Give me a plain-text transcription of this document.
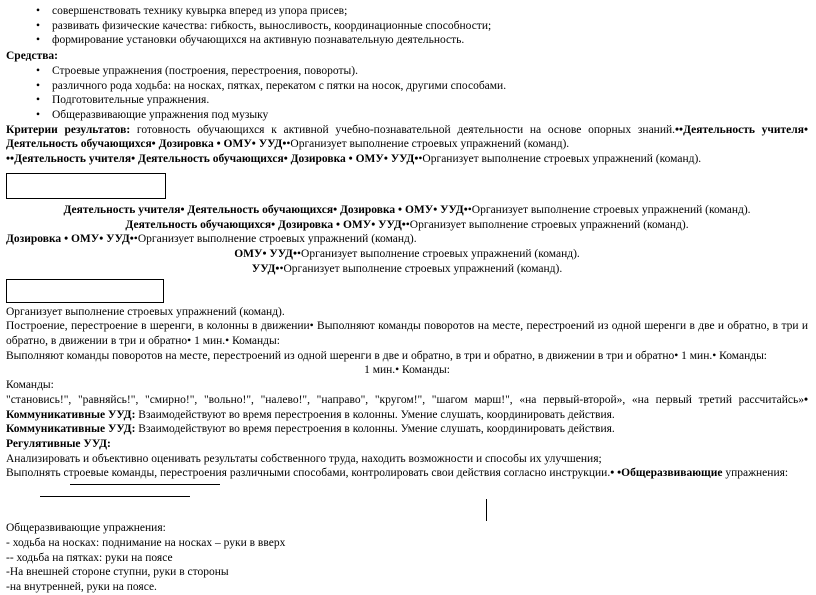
• совершенствовать технику кувырка вперед из упора присев;
• развивать физические качества: гибкость, выносливость, координационные способности;
• формирование установки обучающихся на активную познавательную деятельность.

Средства:

• Строевые упражнения (построения, перестроения, повороты).
• различного рода ходьба: на носках, пятках, перекатом с пятки на носок, другими способами.
• Подготовительные упражнения.
• Общеразвивающие упражнения под музыку

Критерии результатов: готовность обучающихся к активной учебно-познавательной деятельности на основе опорных знаний.••Деятельность учителя• Деятельность обучающихся• Дозировка • ОМУ• УУД••Организует выполнение строевых упражнений (команд).

••Деятельность учителя• Деятельность обучающихся• Дозировка • ОМУ• УУД••Организует выполнение строевых упражнений (команд).

Деятельность учителя• Деятельность обучающихся• Дозировка • ОМУ• УУД••Организует выполнение строевых упражнений (команд).

Деятельность обучающихся• Дозировка • ОМУ• УУД••Организует выполнение строевых упражнений (команд).

Дозировка • ОМУ• УУД••Организует выполнение строевых упражнений (команд).

ОМУ• УУД••Организует выполнение строевых упражнений (команд).

УУД••Организует выполнение строевых упражнений (команд).

Организует выполнение строевых упражнений (команд).

Построение, перестроение в шеренги, в колонны в движении• Выполняют команды поворотов на месте, перестроений из одной шеренги в две и обратно, в три и обратно, в движении в три и обратно• 1 мин.• Команды:

Выполняют команды поворотов на месте, перестроений из одной шеренги в две и обратно, в три и обратно, в движении в три и обратно• 1 мин.• Команды:

1 мин.• Команды:

Команды:

"становись!", "равняйсь!", "смирно!", "вольно!", "налево!", "направо", "кругом!", "шагом марш!", «на первый-второй», «на первый третий рассчитайсь»• Коммуникативные УУД: Взаимодействуют во время перестроения в колонны. Умение слушать, координировать действия.

Коммуникативные УУД: Взаимодействуют во время перестроения в колонны. Умение слушать, координировать действия.

Регулятивные УУД:

Анализировать и объективно оценивать результаты собственного труда, находить возможности и способы их улучшения;

Выполнять строевые команды, перестроения различными способами, контролировать свои действия согласно инструкции.• •Общеразвивающие упражнения:

Общеразвивающие упражнения:

- ходьба на носках: поднимание на носках – руки в вверх

-- ходьба на пятках: руки на поясе

-На внешней стороне ступни, руки в стороны

-на внутренней, руки на поясе.
